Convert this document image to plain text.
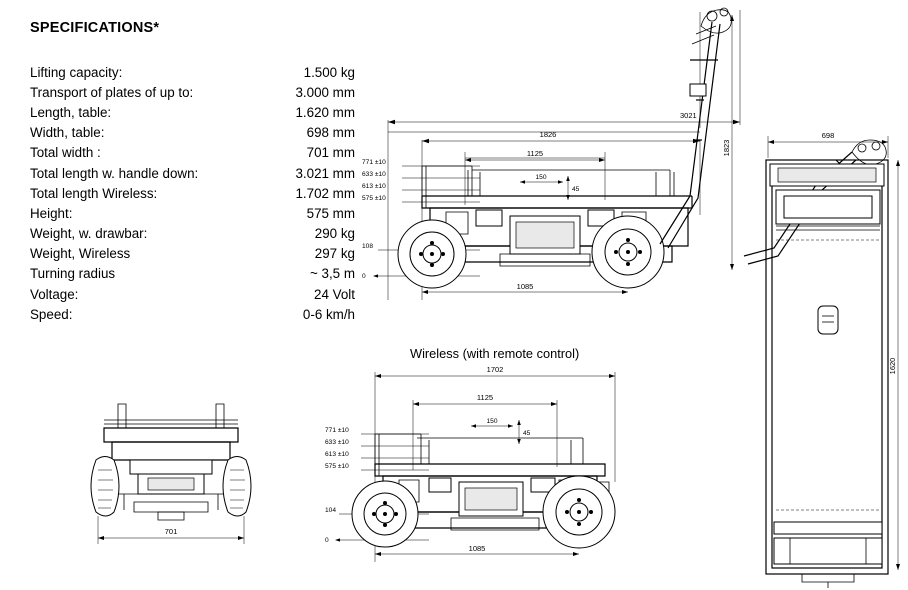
SPECIFICATIONS*
Lifting capacity:	1.500 kg
Transport of plates of up to:	3.000 mm
Length, table:	1.620 mm
Width, table:	698 mm
Total width :	701 mm
Total length w. handle down:	3.021 mm
Total length Wireless:	1.702 mm
Height:	575 mm
Weight, w. drawbar:	290 kg
Weight, Wireless	297 kg
Turning radius	~ 3,5 m
Voltage:	24 Volt
Speed:	0-6 km/h
3021
1826
1125
150
45
771 ±10
633 ±10
613 ±10
575 ±10
108
0
1823
1085
698
1620
Wireless (with remote control)
1702
1125
150
45
771 ±10
633 ±10
613 ±10
575 ±10
104
0
1085
701
